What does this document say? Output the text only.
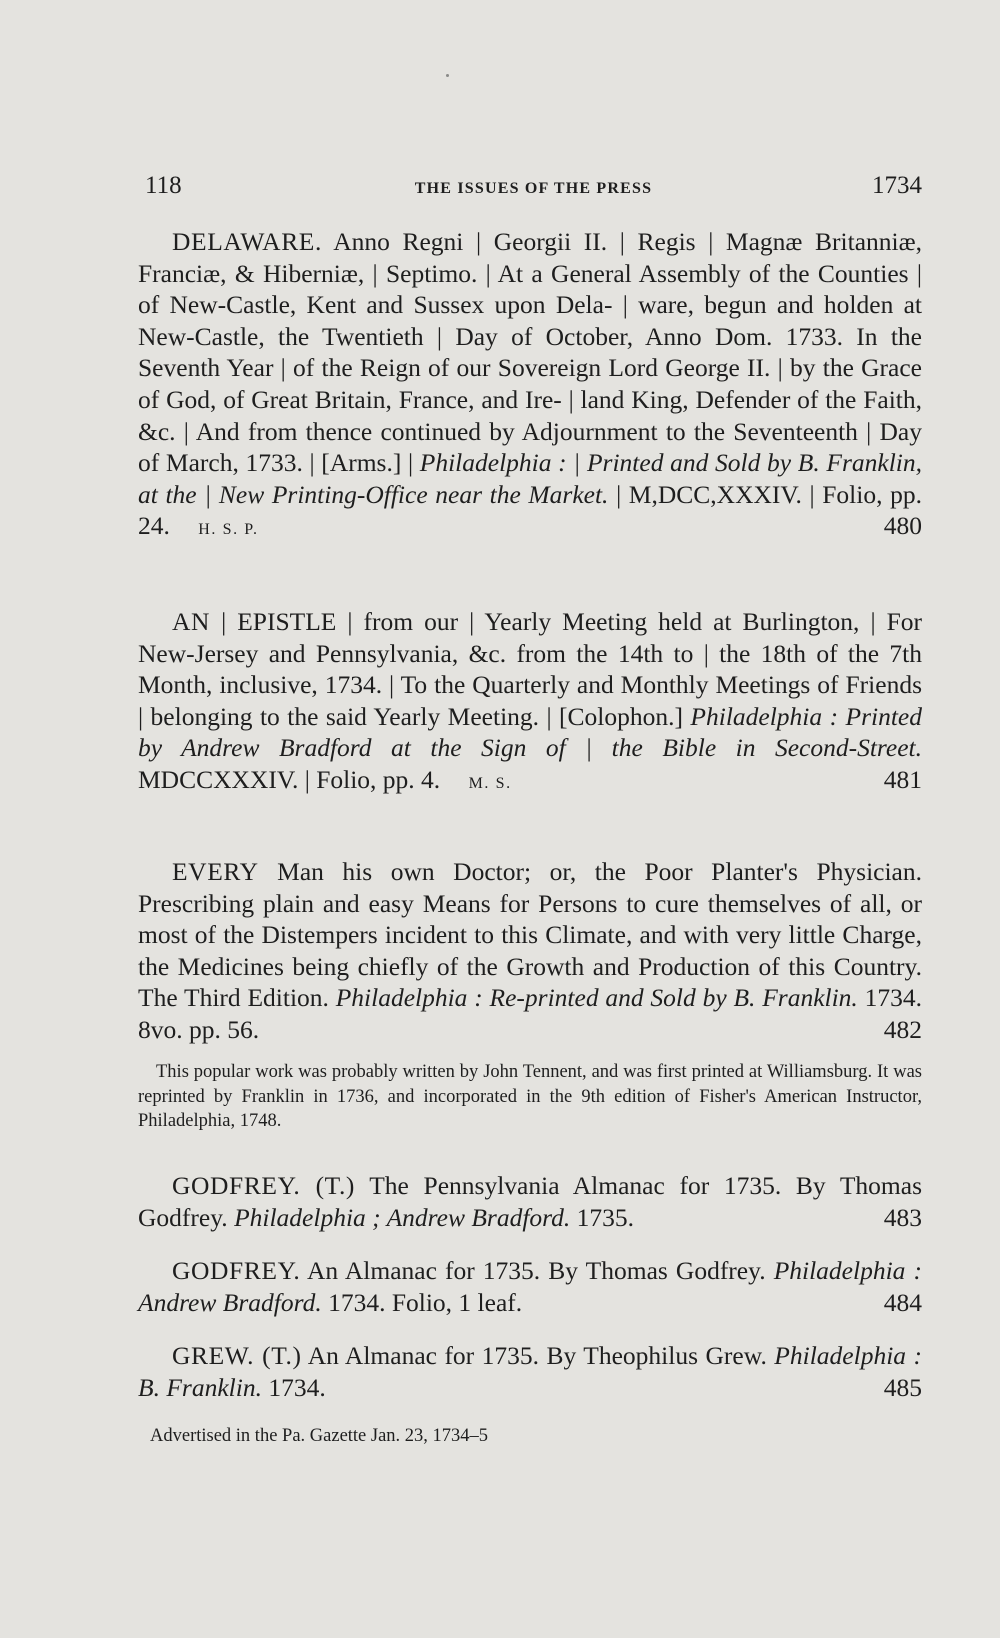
118	THE ISSUES OF THE PRESS	1734
DELAWARE. Anno Regni | Georgii II. | Regis | Magnæ Britanniæ, Franciæ, & Hiberniæ, | Septimo. | At a General Assembly of the Counties | of New-Castle, Kent and Sussex upon Dela- | ware, begun and holden at New-Castle, the Twentieth | Day of October, Anno Dom. 1733. In the Seventh Year | of the Reign of our Sovereign Lord George II. | by the Grace of God, of Great Britain, France, and Ire- | land King, Defender of the Faith, &c. | And from thence continued by Adjournment to the Seventeenth | Day of March, 1733. | [Arms.] | Philadelphia : | Printed and Sold by B. Franklin, at the | New Printing-Office near the Market. | M,DCC,XXXIV. | Folio, pp. 24. H. S. P.	480
AN | EPISTLE | from our | Yearly Meeting held at Burlington, | For New-Jersey and Pennsylvania, &c. from the 14th to | the 18th of the 7th Month, inclusive, 1734. | To the Quarterly and Monthly Meetings of Friends | belonging to the said Yearly Meeting. | [Colophon.] Philadelphia : Printed by Andrew Bradford at the Sign of | the Bible in Second-Street. MDCCXXXIV. | Folio, pp. 4. M. S.	481
EVERY Man his own Doctor; or, the Poor Planter's Physician. Prescribing plain and easy Means for Persons to cure themselves of all, or most of the Distempers incident to this Climate, and with very little Charge, the Medicines being chiefly of the Growth and Production of this Country. The Third Edition. Philadelphia : Re-printed and Sold by B. Franklin. 1734. 8vo. pp. 56.	482
This popular work was probably written by John Tennent, and was first printed at Williamsburg. It was reprinted by Franklin in 1736, and incorporated in the 9th edition of Fisher's American Instructor, Philadelphia, 1748.
GODFREY. (T.) The Pennsylvania Almanac for 1735. By Thomas Godfrey. Philadelphia ; Andrew Bradford. 1735.	483
GODFREY. An Almanac for 1735. By Thomas Godfrey. Philadelphia : Andrew Bradford. 1734. Folio, 1 leaf.	484
GREW. (T.) An Almanac for 1735. By Theophilus Grew. Philadelphia : B. Franklin. 1734.	485
Advertised in the Pa. Gazette Jan. 23, 1734–5
